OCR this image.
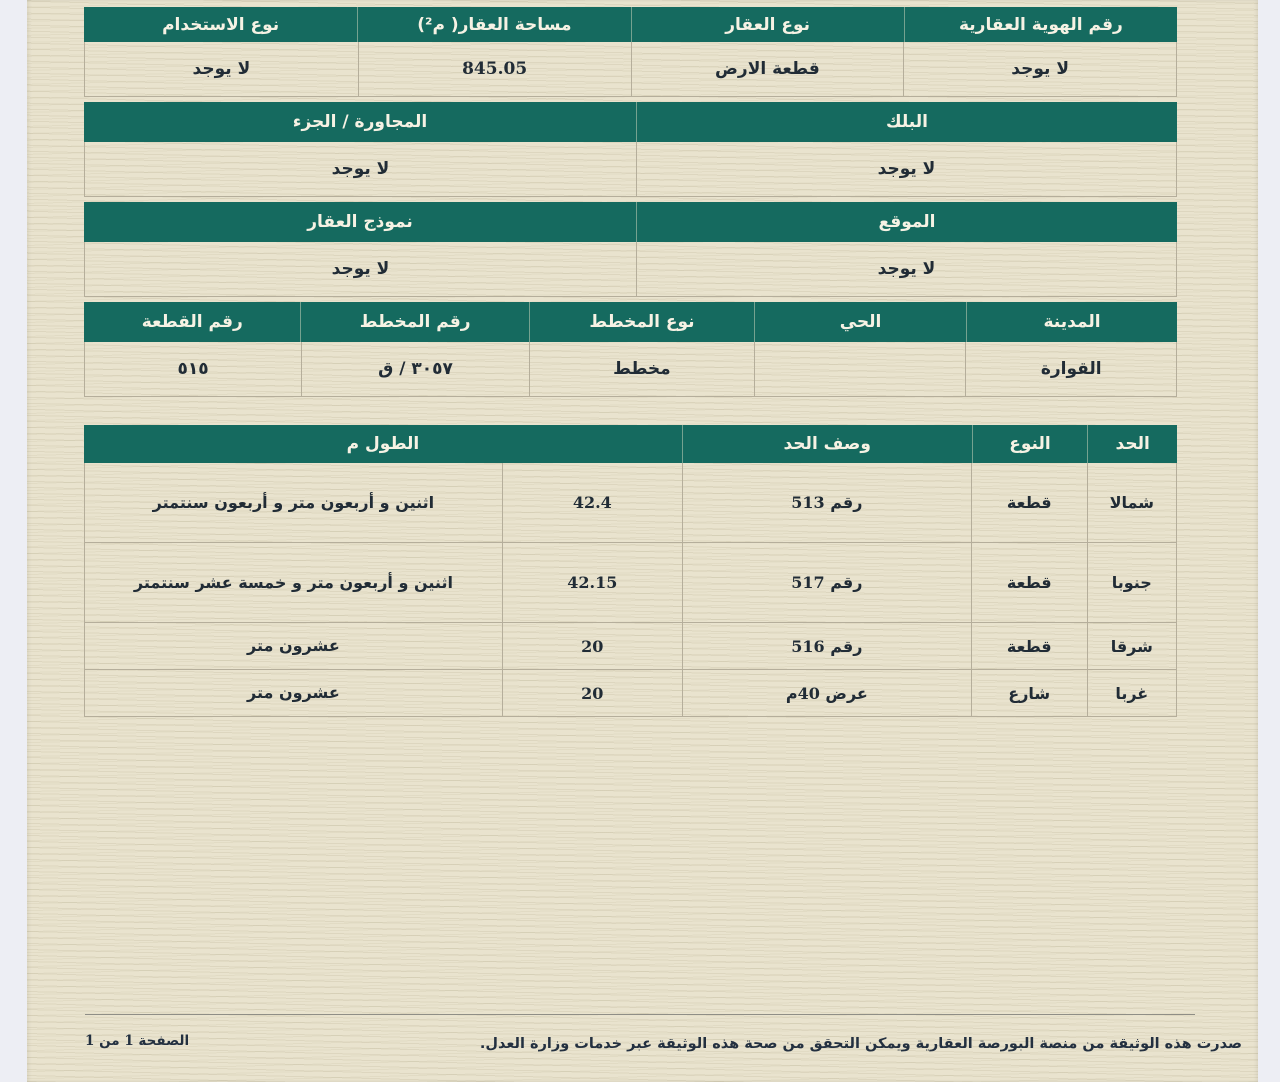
رقم الهوية العقارية
نوع العقار
مساحة العقار( م²)
نوع الاستخدام
لا يوجد
قطعة الارض
845.05
لا يوجد
البلك
المجاورة / الجزء
لا يوجد
لا يوجد
الموقع
نموذج العقار
لا يوجد
لا يوجد
المدينة
الحي
نوع المخطط
رقم المخطط
رقم القطعة
القوارة
مخطط
٣٠٥٧ / ق
٥١٥
الحد
النوع
وصف الحد
الطول م
شمالا
قطعة
رقم 513
42.4
اثنين و أربعون متر و أربعون سنتمتر
جنوبا
قطعة
رقم 517
42.15
اثنين و أربعون متر و خمسة عشر سنتمتر
شرقا
قطعة
رقم 516
20
عشرون متر
غربا
شارع
عرض 40م
20
عشرون متر
صدرت هذه الوثيقة من منصة البورصة العقارية ويمكن التحقق من صحة هذه الوثيقة عبر خدمات وزارة العدل.
الصفحة 1 من 1
